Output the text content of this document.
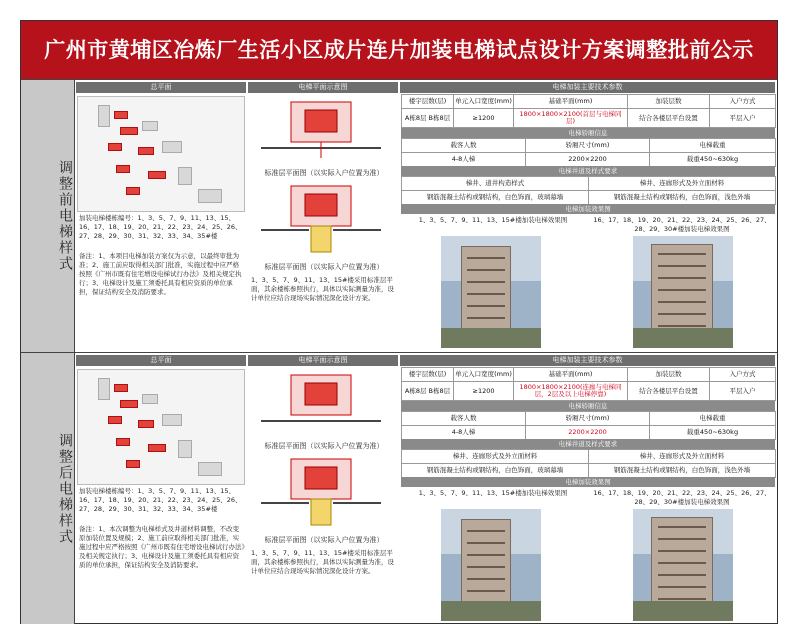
广州市黄埔区冶炼厂生活小区成片连片加装电梯试点设计方案调整批前公示
调整前电梯样式
总平面	电梯平面示意图	电梯加装主要技术参数
加装电梯楼栋编号：1、3、5、7、9、11、13、15、16、17、18、19、20、21、22、23、24、25、26、27、28、29、30、31、32、33、34、35#楼
备注：1、本项目电梯加装方案仅为示意，以最终审批为准；2、施工前应取得相关部门批准，实施过程中应严格按照《广州市既有住宅增设电梯试行办法》及相关规定执行；3、电梯设计及施工须委托具有相应资质的单位承担，保证结构安全及消防要求。
标准层平面图（以实际入户位置为准）
标准层平面图（以实际入户位置为准）
1、3、5、7、9、11、13、15#楼采用标准层平面，其余楼栋参照执行，具体以实际测量为准，设计单位应结合现场实际情况深化设计方案。
楼宇层数(层)	单元入口宽度(mm)	基础平面(mm)	加装层数	入户方式
A栋8层 B栋8层	≥1200	1800×1800×2100(首层与电梯同层)	结合各楼层平台设置	平层入户
电梯轿厢信息
载客人数	轿厢尺寸(mm)	电梯载重
4-8人梯	2200×2200	载重450~630kg
电梯井道及样式要求
梯井、道井构造样式	梯井、连廊形式及外立面材料
钢筋混凝土结构或钢结构，白色饰面，玻璃幕墙	钢筋混凝土结构或钢结构，白色饰面，浅色外墙
电梯加装效果图
1、3、5、7、9、11、13、15#楼加装电梯效果图	16、17、18、19、20、21、22、23、24、25、26、27、28、29、30#楼加装电梯效果图
调整后电梯样式
总平面	电梯平面示意图	电梯加装主要技术参数
加装电梯楼栋编号：1、3、5、7、9、11、13、15、16、17、18、19、20、21、22、23、24、25、26、27、28、29、30、31、32、33、34、35#楼
备注：1、本次调整为电梯样式及井道材料调整，不改变原加装位置及规模；2、施工前应取得相关部门批准，实施过程中应严格按照《广州市既有住宅增设电梯试行办法》及相关规定执行；3、电梯设计及施工须委托具有相应资质的单位承担，保证结构安全及消防要求。
标准层平面图（以实际入户位置为准）
标准层平面图（以实际入户位置为准）
1、3、5、7、9、11、13、15#楼采用标准层平面，其余楼栋参照执行，具体以实际测量为准，设计单位应结合现场实际情况深化设计方案。
楼宇层数(层)	单元入口宽度(mm)	基础平面(mm)	加装层数	入户方式
A栋8层 B栋8层	≥1200	1800×1800×2100(连廊与电梯同层，2层及以上电梯停靠)	结合各楼层平台设置	平层入户
电梯轿厢信息
载客人数	轿厢尺寸(mm)	电梯载重
4-8人梯	2200×2200	载重450~630kg
电梯井道及样式要求
梯井、连廊形式及外立面材料	梯井、连廊形式及外立面材料
钢筋混凝土结构或钢结构，白色饰面，玻璃幕墙	钢筋混凝土结构或钢结构，白色饰面，浅色外墙
电梯加装效果图
1、3、5、7、9、11、13、15#楼加装电梯效果图	16、17、18、19、20、21、22、23、24、25、26、27、28、29、30#楼加装电梯效果图
